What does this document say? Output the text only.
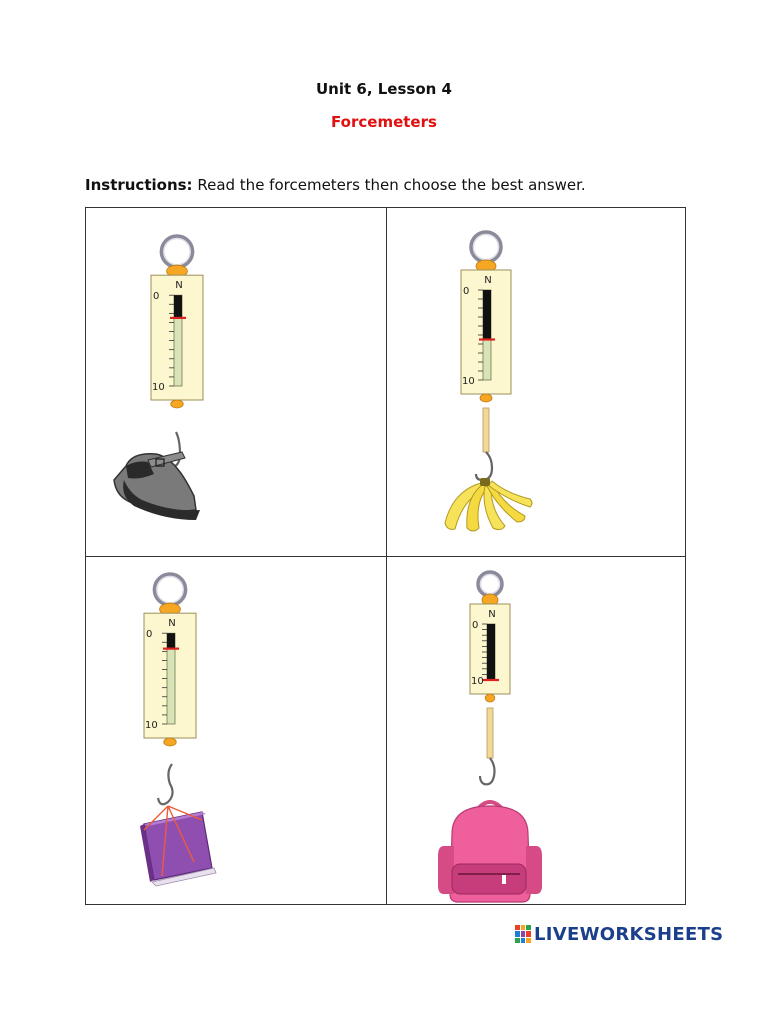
Unit 6, Lesson 4
Forcemeters
Instructions: Read the forcemeters then choose the best answer.
N
0
10
N
0
10
N
0
10
N
0
10
LIVEWORKSHEETS
